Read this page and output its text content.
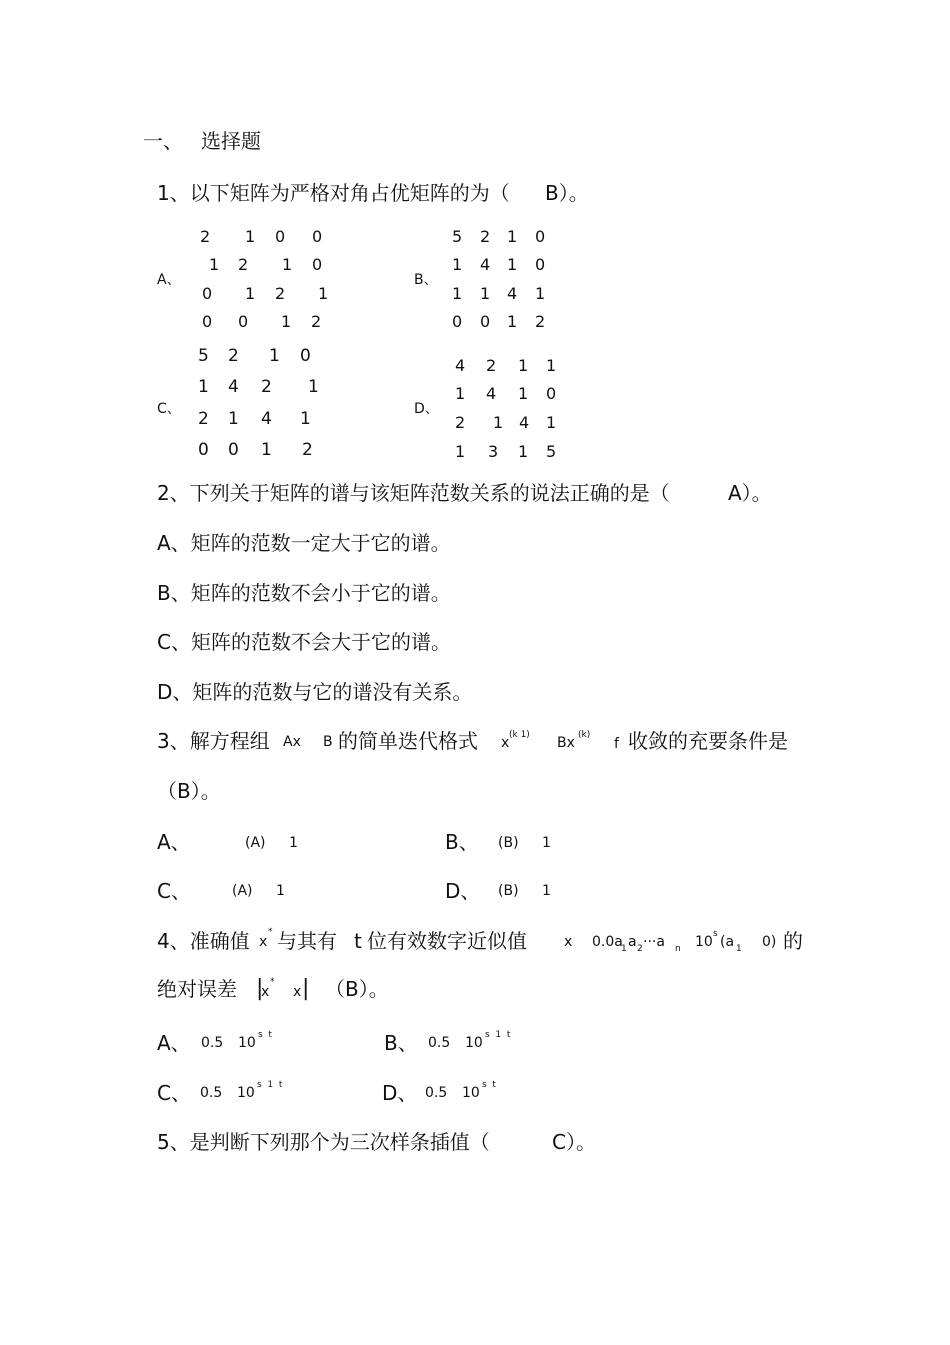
一、 选择题
1、以下矩阵为严格对角占优矩阵的为（ B）。
A、
2 1 0 0
1 2 1 0
0 1 2 1
0 0 1 2
B、
5 2 1 0
1 4 1 0
1 1 4 1
0 0 1 2
C、
5 2 1 0
1 4 2 1
2 1 4 1
0 0 1 2
D、
4 2 1 1
1 4 1 0
2 1 4 1
1 3 1 5
2、下列关于矩阵的谱与该矩阵范数关系的说法正确的是（	A）。
A、矩阵的范数一定大于它的谱。
B、矩阵的范数不会小于它的谱。
C、矩阵的范数不会大于它的谱。
D、矩阵的范数与它的谱没有关系。
3、解方程组 Ax B 的简单迭代格式 x (k 1) Bx (k)
f 收敛的充要条件是
（B）。
A、	(A) 1	B、 (B) 1
C、	(A) 1	D、 (B) 1
4、准确值 x
* 与其有 t 位有效数字近似值	x 0.0a
1 a 2 ···a n 10 s (a 1 0) 的
绝对误差 |
x
*
x | （B）。
A、 0.5 10 s  t	B、 0.5 10 s  1  t
C、 0.5 10 s  1  t	D、 0.5 10 s  t
5、是判断下列那个为三次样条插值（	C）。
